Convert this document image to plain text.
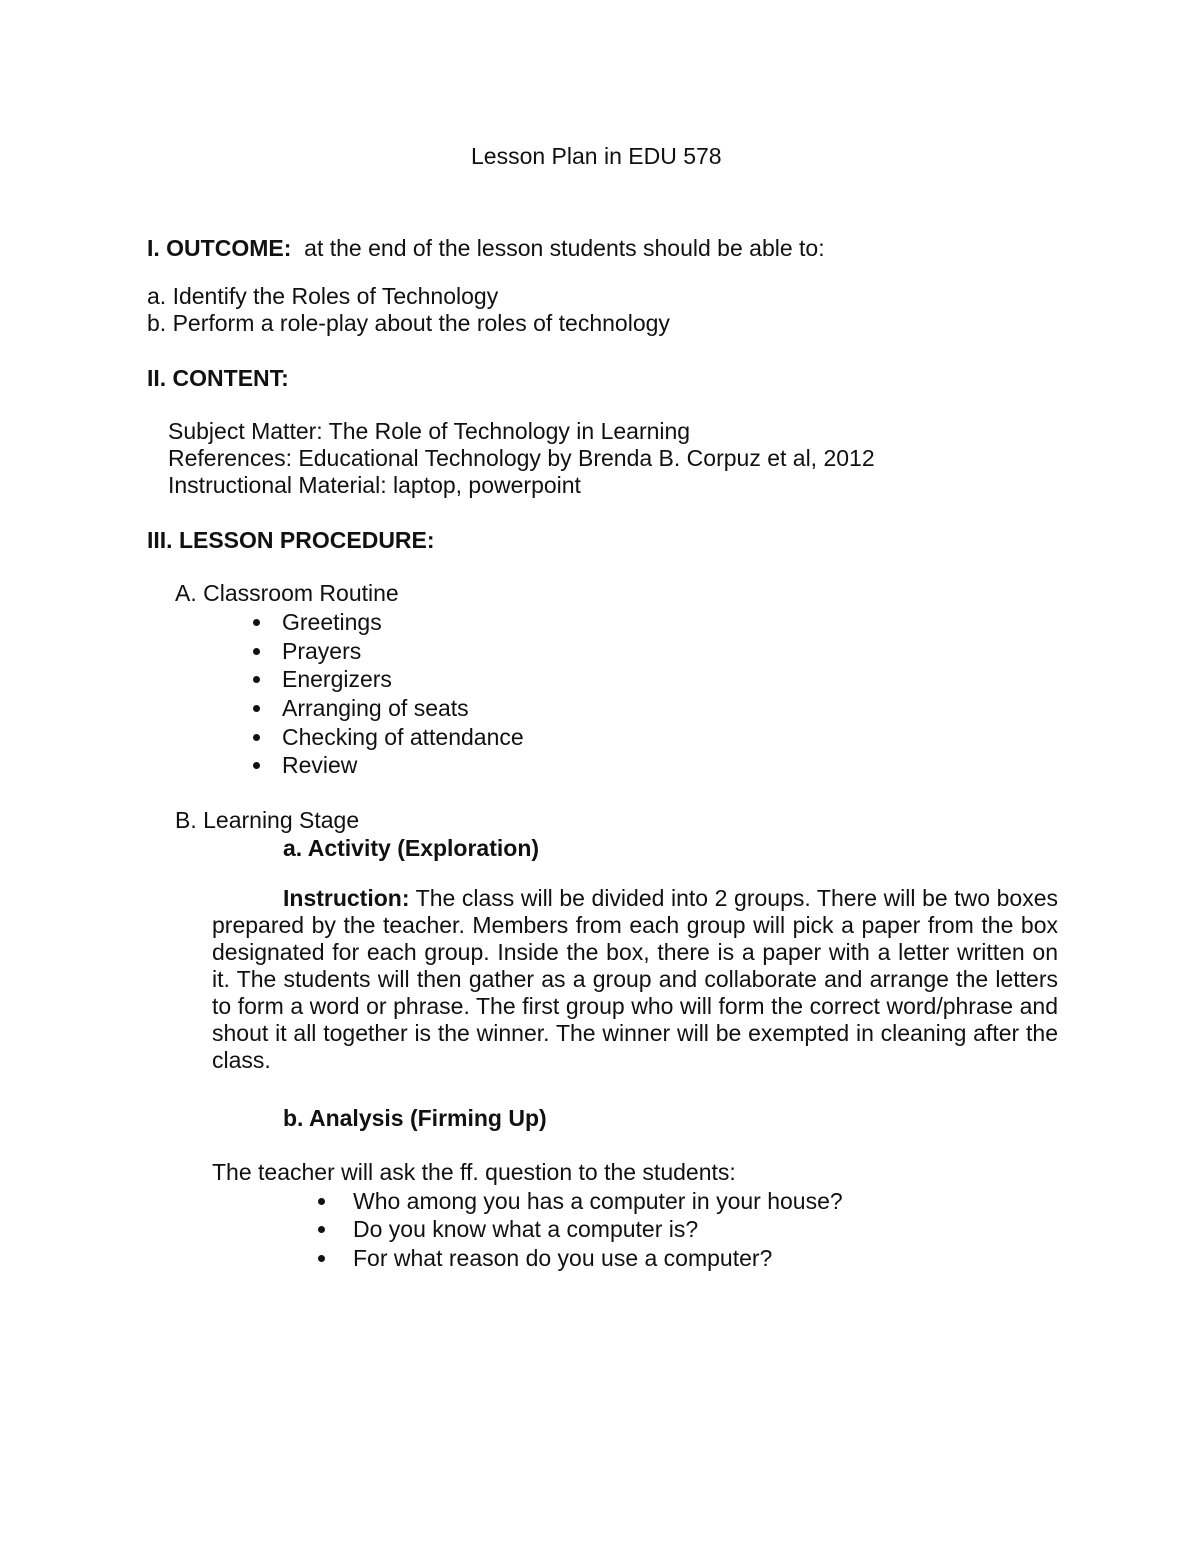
Lesson Plan in EDU 578
I. OUTCOME: at the end of the lesson students should be able to:
a. Identify the Roles of Technology
b. Perform a role-play about the roles of technology
II. CONTENT:
Subject Matter: The Role of Technology in Learning
References: Educational Technology by Brenda B. Corpuz et al, 2012
Instructional Material: laptop, powerpoint
III. LESSON PROCEDURE:
A. Classroom Routine
Greetings
Prayers
Energizers
Arranging of seats
Checking of attendance
Review
B. Learning Stage
a. Activity (Exploration)
Instruction: The class will be divided into 2 groups. There will be two boxes prepared by the teacher. Members from each group will pick a paper from the box designated for each group. Inside the box, there is a paper with a letter written on it. The students will then gather as a group and collaborate and arrange the letters to form a word or phrase. The first group who will form the correct word/phrase and shout it all together is the winner. The winner will be exempted in cleaning after the class.
b. Analysis (Firming Up)
The teacher will ask the ff. question to the students:
Who among you has a computer in your house?
Do you know what a computer is?
For what reason do you use a computer?
